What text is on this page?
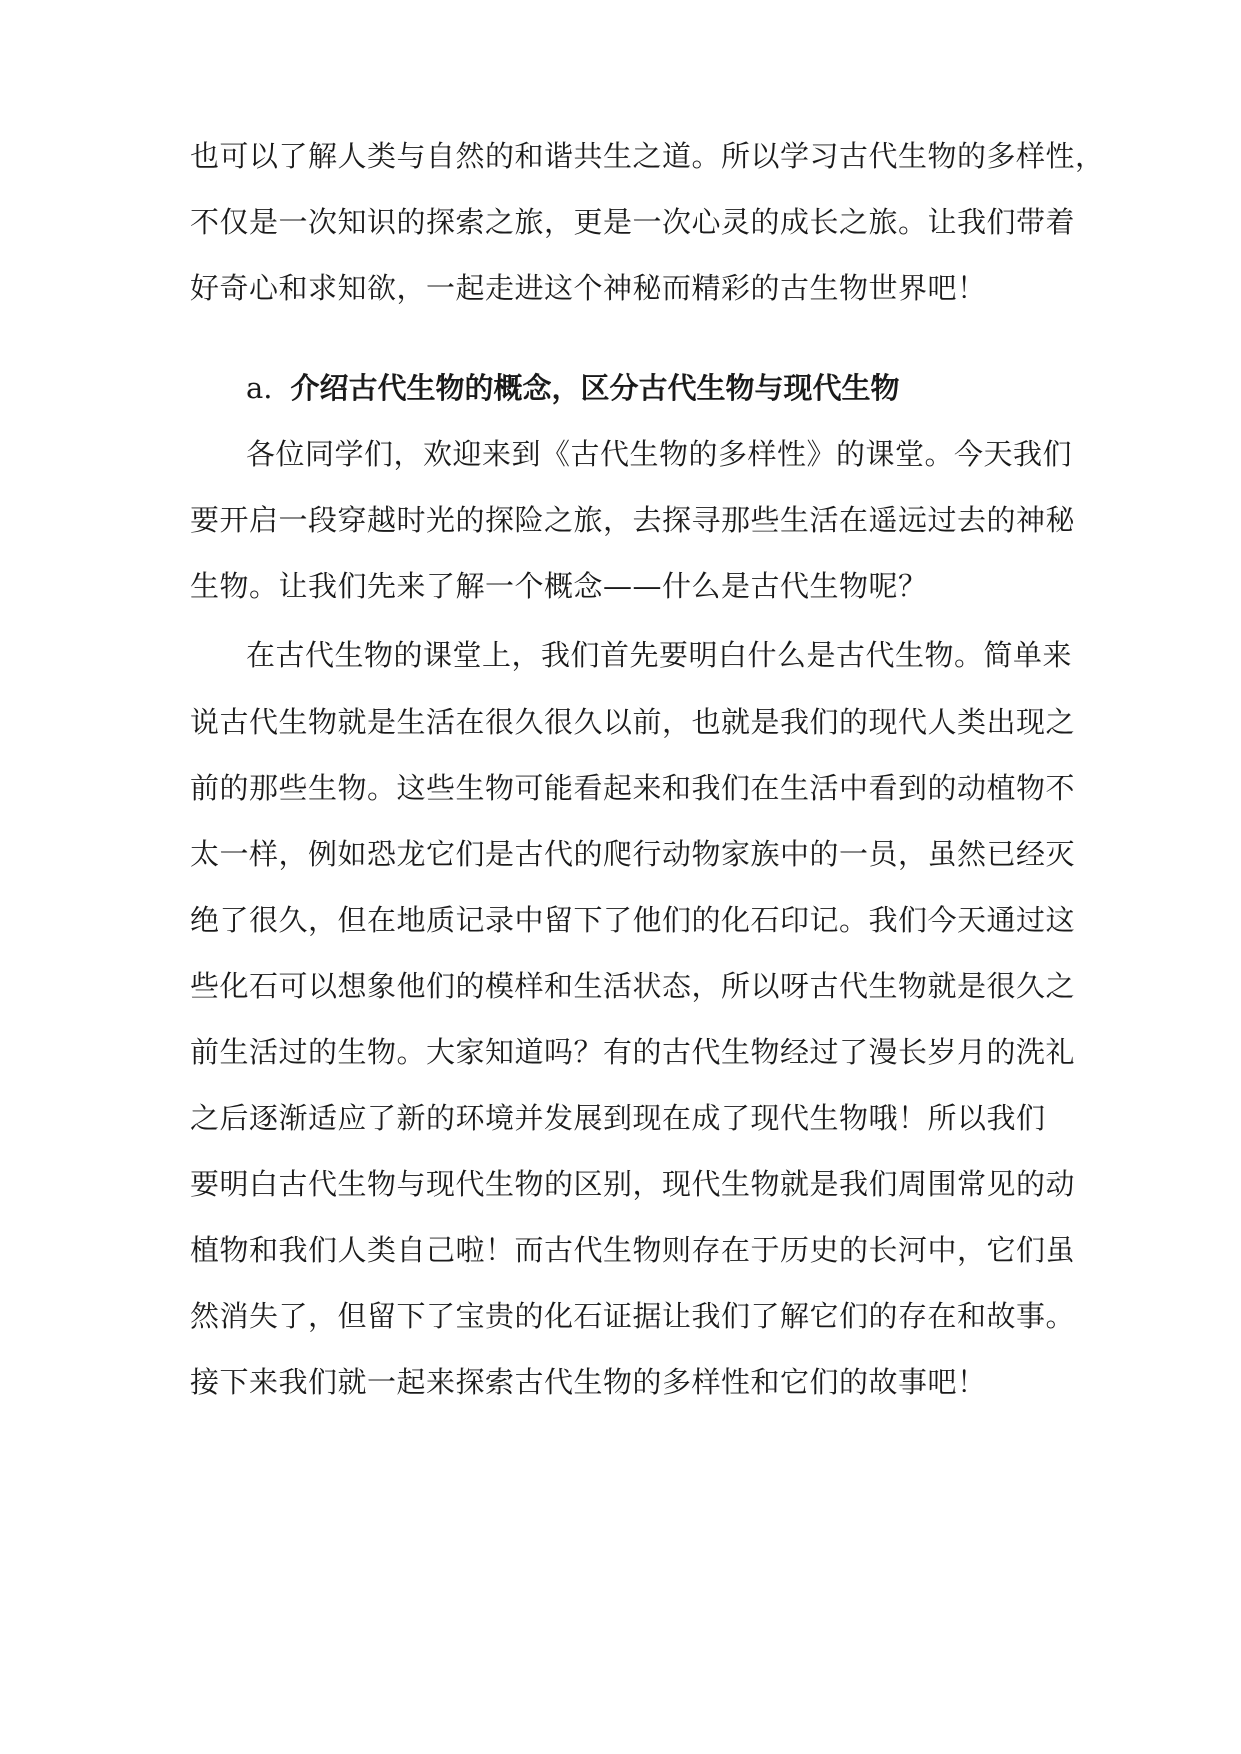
也可以了解人类与自然的和谐共生之道。所以学习古代生物的多样性，
不仅是一次知识的探索之旅，更是一次心灵的成长之旅。让我们带着
好奇心和求知欲，一起走进这个神秘而精彩的古生物世界吧！
a. 介绍古代生物的概念，区分古代生物与现代生物
各位同学们，欢迎来到《古代生物的多样性》的课堂。今天我们
要开启一段穿越时光的探险之旅，去探寻那些生活在遥远过去的神秘
生物。让我们先来了解一个概念——什么是古代生物呢？
在古代生物的课堂上，我们首先要明白什么是古代生物。简单来
说古代生物就是生活在很久很久以前，也就是我们的现代人类出现之
前的那些生物。这些生物可能看起来和我们在生活中看到的动植物不
太一样，例如恐龙它们是古代的爬行动物家族中的一员，虽然已经灭
绝了很久，但在地质记录中留下了他们的化石印记。我们今天通过这
些化石可以想象他们的模样和生活状态，所以呀古代生物就是很久之
前生活过的生物。大家知道吗？有的古代生物经过了漫长岁月的洗礼
之后逐渐适应了新的环境并发展到现在成了现代生物哦！所以我们
要明白古代生物与现代生物的区别，现代生物就是我们周围常见的动
植物和我们人类自己啦！而古代生物则存在于历史的长河中，它们虽
然消失了，但留下了宝贵的化石证据让我们了解它们的存在和故事。
接下来我们就一起来探索古代生物的多样性和它们的故事吧！
